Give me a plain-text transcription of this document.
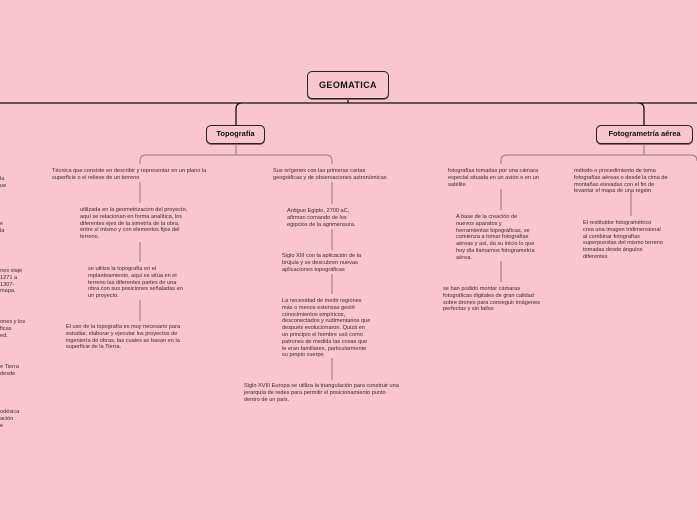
GEOMATICA
Topografía	Fotogrametría aérea
Técnica que consiste en describir y representar en un plano la
superficie o el relieve de un terreno
utilizada en la geometrizacion del proyecto,
aquí se relacionan en forma analítica, los
diferentes ejes de la simetría de la obra,
entre sí mismo y con elementos fijos del
terreno.
se utiliza la topografía en el
replanteamiento, aquí se sitúa en el
terreno las diferentes partes de una
obra con sus posiciones señaladas en
un proyecto.
El uso de la topografía es muy necesario para
estudiar, elaborar y ejecutar los proyectos de
ingeniería de obras, las cuales se basan en la
superficie de la Tierra.
Sus orígenes con las primeras cartas
geográficas y de observaciones astronómicas
Antiguo Egipto, 2700 aC,
afirman comando de los
egipcios de la agrimensura.
Siglo XIII con la aplicación de la
brújula y se descubren nuevas
aplicaciones topográficas
La necesidad de medir regiones
más o menos extensas gestó
conocimientos empíricos,
desconectados y rudimentarios que
después evolucionaron. Quizá en
un principio el hombre usó como
patrones de medida las cosas que
le eran familiares, particularmente
su propio cuerpo
Siglo XVIII Europa se utiliza la triangulación para construir una
jerarquía de redes para permitir el posicionamiento punto
dentro de un país.
fotografías tomadas por una cámara
especial situada en un avión o en un
satélite
A base de la creación de
nuevos aparatos y
herramientas topográficas, se
comienza a tomar fotografías
aéreas y así, da su inicio lo que
hoy día llamamos fotogrametría
aérea.
se han podido montar cámaras
fotográficas digitales de gran calidad
sobre drones para conseguir imágenes
perfectas y sin fallos
método o procedimiento de toma
fotografías aéreas o desde la cima de
montañas elevadas con el fin de
levantar el mapa de una región
El restituidor fotogramétrico
crea una imagen tridimensional
al combinar fotografías
superpuestas del mismo terreno
tomadas desde ángulos
diferentes
la
ue
e
la
nes viaje
1271 a
1307-
mapa.
ones y los
ficas
ed.
e Tierra
desde
odésica
ación
e
